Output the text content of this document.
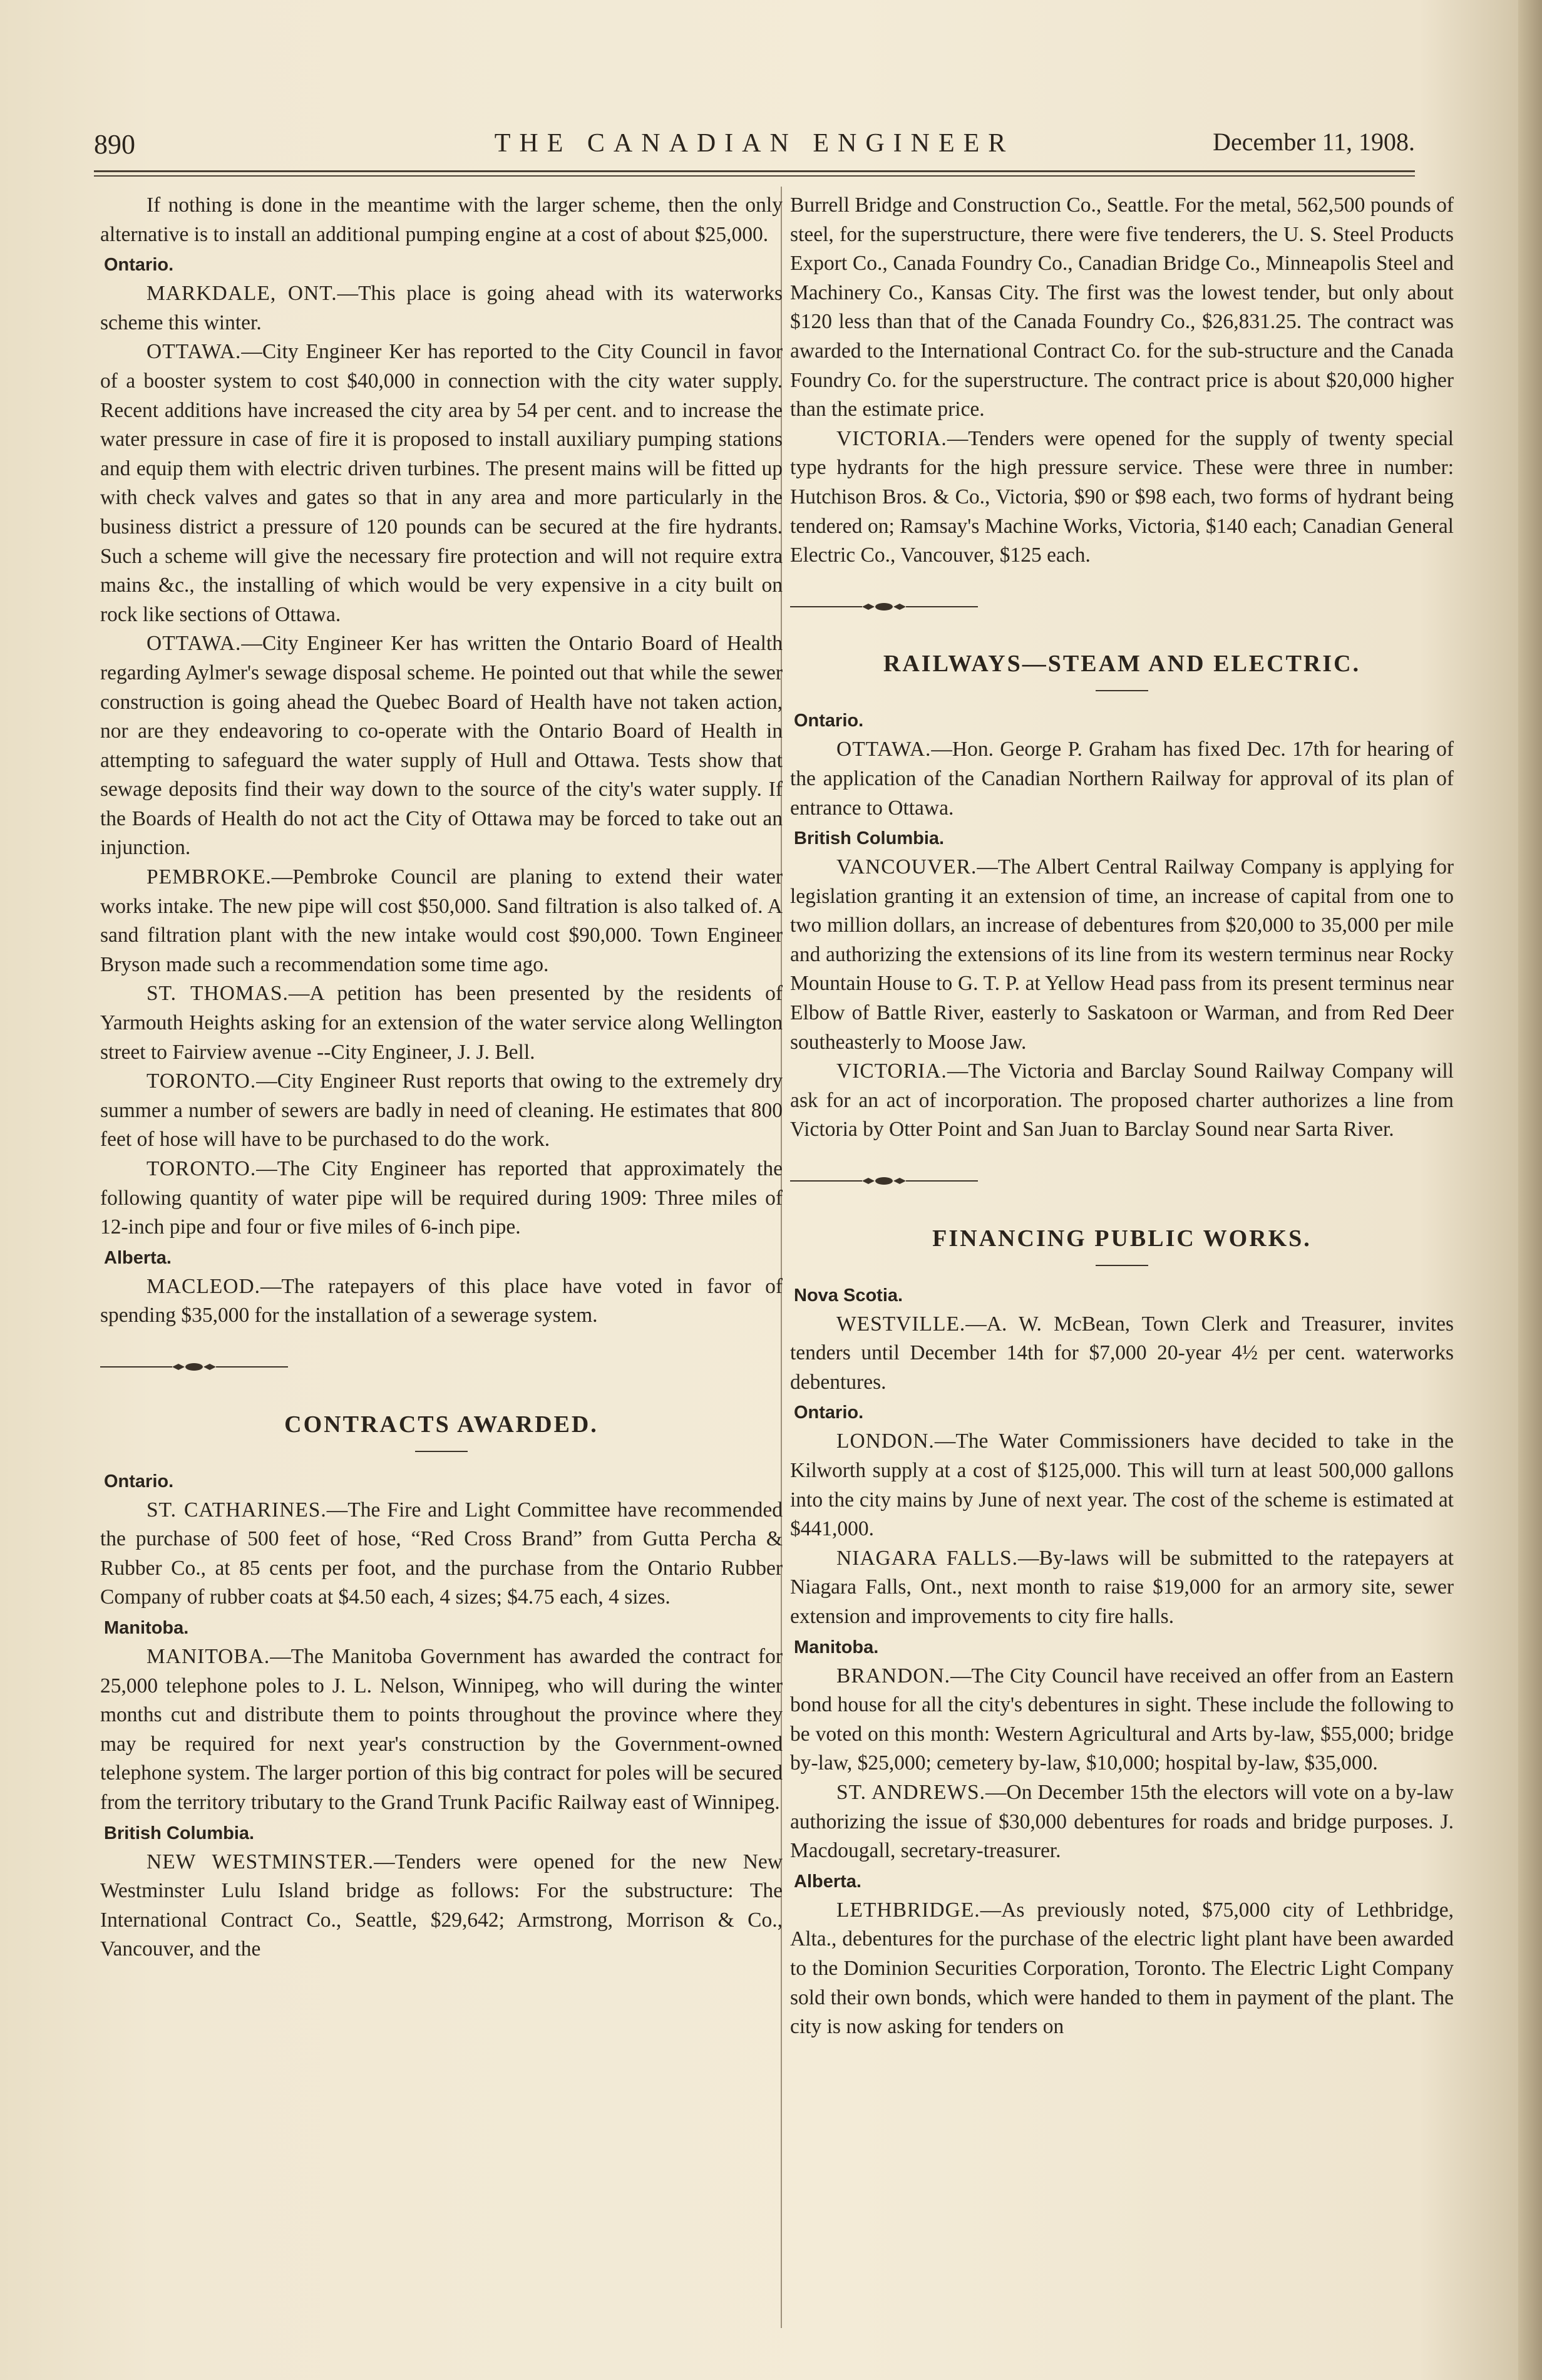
890	THE CANADIAN ENGINEER	December 11, 1908.

If nothing is done in the meantime with the larger scheme, then the only alternative is to install an additional pumping engine at a cost of about $25,000.

Ontario.

MARKDALE, ONT.—This place is going ahead with its waterworks scheme this winter.

OTTAWA.—City Engineer Ker has reported to the City Council in favor of a booster system to cost $40,000 in connection with the city water supply. Recent additions have increased the city area by 54 per cent. and to increase the water pressure in case of fire it is proposed to install auxiliary pumping stations and equip them with electric driven turbines. The present mains will be fitted up with check valves and gates so that in any area and more particularly in the business district a pressure of 120 pounds can be secured at the fire hydrants. Such a scheme will give the necessary fire protection and will not require extra mains &c., the installing of which would be very expensive in a city built on rock like sections of Ottawa.

OTTAWA.—City Engineer Ker has written the Ontario Board of Health regarding Aylmer's sewage disposal scheme. He pointed out that while the sewer construction is going ahead the Quebec Board of Health have not taken action, nor are they endeavoring to co-operate with the Ontario Board of Health in attempting to safeguard the water supply of Hull and Ottawa. Tests show that sewage deposits find their way down to the source of the city's water supply. If the Boards of Health do not act the City of Ottawa may be forced to take out an injunction.

PEMBROKE.—Pembroke Council are planing to extend their water works intake. The new pipe will cost $50,000. Sand filtration is also talked of. A sand filtration plant with the new intake would cost $90,000. Town Engineer Bryson made such a recommendation some time ago.

ST. THOMAS.—A petition has been presented by the residents of Yarmouth Heights asking for an extension of the water service along Wellington street to Fairview avenue --City Engineer, J. J. Bell.

TORONTO.—City Engineer Rust reports that owing to the extremely dry summer a number of sewers are badly in need of cleaning. He estimates that 800 feet of hose will have to be purchased to do the work.

TORONTO.—The City Engineer has reported that approximately the following quantity of water pipe will be required during 1909: Three miles of 12-inch pipe and four or five miles of 6-inch pipe.

Alberta.

MACLEOD.—The ratepayers of this place have voted in favor of spending $35,000 for the installation of a sewerage system.

CONTRACTS AWARDED.
Ontario.

ST. CATHARINES.—The Fire and Light Committee have recommended the purchase of 500 feet of hose, “Red Cross Brand” from Gutta Percha & Rubber Co., at 85 cents per foot, and the purchase from the Ontario Rubber Company of rubber coats at $4.50 each, 4 sizes; $4.75 each, 4 sizes.

Manitoba.

MANITOBA.—The Manitoba Government has awarded the contract for 25,000 telephone poles to J. L. Nelson, Winnipeg, who will during the winter months cut and distribute them to points throughout the province where they may be required for next year's construction by the Government-owned telephone system. The larger portion of this big contract for poles will be secured from the territory tributary to the Grand Trunk Pacific Railway east of Winnipeg.

British Columbia.

NEW WESTMINSTER.—Tenders were opened for the new New Westminster Lulu Island bridge as follows: For the substructure: The International Contract Co., Seattle, $29,642; Armstrong, Morrison & Co., Vancouver, and the

Burrell Bridge and Construction Co., Seattle. For the metal, 562,500 pounds of steel, for the superstructure, there were five tenderers, the U. S. Steel Products Export Co., Canada Foundry Co., Canadian Bridge Co., Minneapolis Steel and Machinery Co., Kansas City. The first was the lowest tender, but only about $120 less than that of the Canada Foundry Co., $26,831.25. The contract was awarded to the International Contract Co. for the sub-structure and the Canada Foundry Co. for the superstructure. The contract price is about $20,000 higher than the estimate price.

VICTORIA.—Tenders were opened for the supply of twenty special type hydrants for the high pressure service. These were three in number: Hutchison Bros. & Co., Victoria, $90 or $98 each, two forms of hydrant being tendered on; Ramsay's Machine Works, Victoria, $140 each; Canadian General Electric Co., Vancouver, $125 each.

RAILWAYS—STEAM AND ELECTRIC.
Ontario.

OTTAWA.—Hon. George P. Graham has fixed Dec. 17th for hearing of the application of the Canadian Northern Railway for approval of its plan of entrance to Ottawa.

British Columbia.

VANCOUVER.—The Albert Central Railway Company is applying for legislation granting it an extension of time, an increase of capital from one to two million dollars, an increase of debentures from $20,000 to 35,000 per mile and authorizing the extensions of its line from its western terminus near Rocky Mountain House to G. T. P. at Yellow Head pass from its present terminus near Elbow of Battle River, easterly to Saskatoon or Warman, and from Red Deer southeasterly to Moose Jaw.

VICTORIA.—The Victoria and Barclay Sound Railway Company will ask for an act of incorporation. The proposed charter authorizes a line from Victoria by Otter Point and San Juan to Barclay Sound near Sarta River.

FINANCING PUBLIC WORKS.
Nova Scotia.

WESTVILLE.—A. W. McBean, Town Clerk and Treasurer, invites tenders until December 14th for $7,000 20-year 4½ per cent. waterworks debentures.

Ontario.

LONDON.—The Water Commissioners have decided to take in the Kilworth supply at a cost of $125,000. This will turn at least 500,000 gallons into the city mains by June of next year. The cost of the scheme is estimated at $441,000.

NIAGARA FALLS.—By-laws will be submitted to the ratepayers at Niagara Falls, Ont., next month to raise $19,000 for an armory site, sewer extension and improvements to city fire halls.

Manitoba.

BRANDON.—The City Council have received an offer from an Eastern bond house for all the city's debentures in sight. These include the following to be voted on this month: Western Agricultural and Arts by-law, $55,000; bridge by-law, $25,000; cemetery by-law, $10,000; hospital by-law, $35,000.

ST. ANDREWS.—On December 15th the electors will vote on a by-law authorizing the issue of $30,000 debentures for roads and bridge purposes. J. Macdougall, secretary-treasurer.

Alberta.

LETHBRIDGE.—As previously noted, $75,000 city of Lethbridge, Alta., debentures for the purchase of the electric light plant have been awarded to the Dominion Securities Corporation, Toronto. The Electric Light Company sold their own bonds, which were handed to them in payment of the plant. The city is now asking for tenders on
